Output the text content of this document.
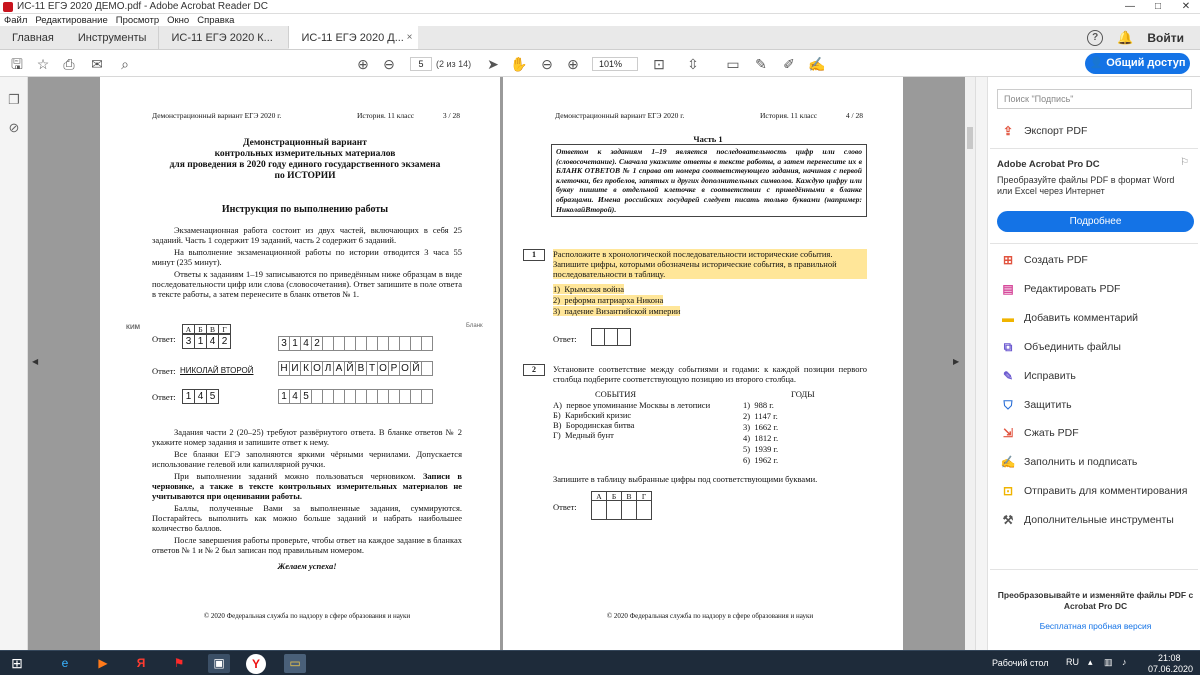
ИС-11 ЕГЭ 2020 ДЕМО.pdf - Adobe Acrobat Reader DC	—	□	✕
Файл Редактирование Просмотр Окно Справка
Главная	Инструменты	ИС-11 ЕГЭ 2020 К...	ИС-11 ЕГЭ 2020 Д... ×	?	🔔 Войти
🖫 ☆ ⎙ ✉	⌕	⊕ ⊖	5	(2 из 14) ➤ ✋ ⊖ ⊕	101%	⊡ ⇳ ▭ ✎ ✐ ✍	👤 Общий доступ
❐
⊘
◀
Демонстрационный вариант ЕГЭ 2020 г.	История. 11 класс	3 / 28
Демонстрационный вариант
контрольных измерительных материалов
для проведения в 2020 году единого государственного экзамена
по ИСТОРИИ
Инструкция по выполнению работы
Экзаменационная работа состоит из двух частей, включающих в себя 25 заданий. Часть 1 содержит 19 заданий, часть 2 содержит 6 заданий.
На выполнение экзаменационной работы по истории отводится 3 часа 55 минут (235 минут).
Ответы к заданиям 1–19 записываются по приведённым ниже образцам в виде последовательности цифр или слова (словосочетания). Ответ запишите в поле ответа в тексте работы, а затем перенесите в бланк ответов № 1.
КИМ	Бланк
А Б В Г
Ответ:	3 1 4 2	3 1 4 2
Ответ: НИКОЛАЙ ВТОРОЙ	Н И К О Л А Й В Т О Р О Й
Ответ:	1 4 5	1 4 5
Задания части 2 (20–25) требуют развёрнутого ответа. В бланке ответов № 2 укажите номер задания и запишите ответ к нему.
Все бланки ЕГЭ заполняются яркими чёрными чернилами. Допускается использование гелевой или капиллярной ручки.
При выполнении заданий можно пользоваться черновиком. Записи в черновике, а также в тексте контрольных измерительных материалов не учитываются при оценивании работы.
Баллы, полученные Вами за выполненные задания, суммируются. Постарайтесь выполнить как можно больше заданий и набрать наибольшее количество баллов.
После завершения работы проверьте, чтобы ответ на каждое задание в бланках ответов № 1 и № 2 был записан под правильным номером.
Желаем успеха!
© 2020 Федеральная служба по надзору в сфере образования и науки
Демонстрационный вариант ЕГЭ 2020 г.	История. 11 класс	4 / 28
Часть 1
Ответом к заданиям 1–19 является последовательность цифр или слово (словосочетание). Сначала укажите ответы в тексте работы, а затем перенесите их в БЛАНК ОТВЕТОВ № 1 справа от номера соответствующего задания, начиная с первой клеточки, без пробелов, запятых и других дополнительных символов. Каждую цифру или букву пишите в отдельной клеточке в соответствии с приведёнными в бланке образцами. Имена российских государей следует писать только буквами (например: НиколайВторой).
1	Расположите в хронологической последовательности исторические события. Запишите цифры, которыми обозначены исторические события, в правильной последовательности в таблицу.
1)  Крымская война
2)  реформа патриарха Никона
3)  падение Византийской империи
Ответ:
2	Установите соответствие между событиями и годами: к каждой позиции первого столбца подберите соответствующую позицию из второго столбца.
СОБЫТИЯ	ГОДЫ
А)  первое упоминание Москвы в летописи
Б)  Карибский кризис
В)  Бородинская битва
Г)  Медный бунт
1)  988 г.
2)  1147 г.
3)  1662 г.
4)  1812 г.
5)  1939 г.
6)  1962 г.
Запишите в таблицу выбранные цифры под соответствующими буквами.
А	Б	В	Г
Ответ:
© 2020 Федеральная служба по надзору в сфере образования и науки
▶
Поиск "Подпись"
⇪ Экспорт PDF
Adobe Acrobat Pro DC	⚐
Преобразуйте файлы PDF в формат Word или Excel через Интернет
Подробнее
⊞ Создать PDF
▤ Редактировать PDF
▬ Добавить комментарий
⧉	Объединить файлы
✎ Исправить
⛉	Защитить
⇲ Сжать PDF
✍ Заполнить и подписать
⊡ Отправить для комментирования
⚒ Дополнительные инструменты
Преобразовывайте и изменяйте файлы PDF с Acrobat Pro DC
Бесплатная пробная версия
⊞	e	▶	Я	⚑	▣	Y	▭	Рабочий стол RU ▴ ▥ ♪	21:08
07.06.2020
